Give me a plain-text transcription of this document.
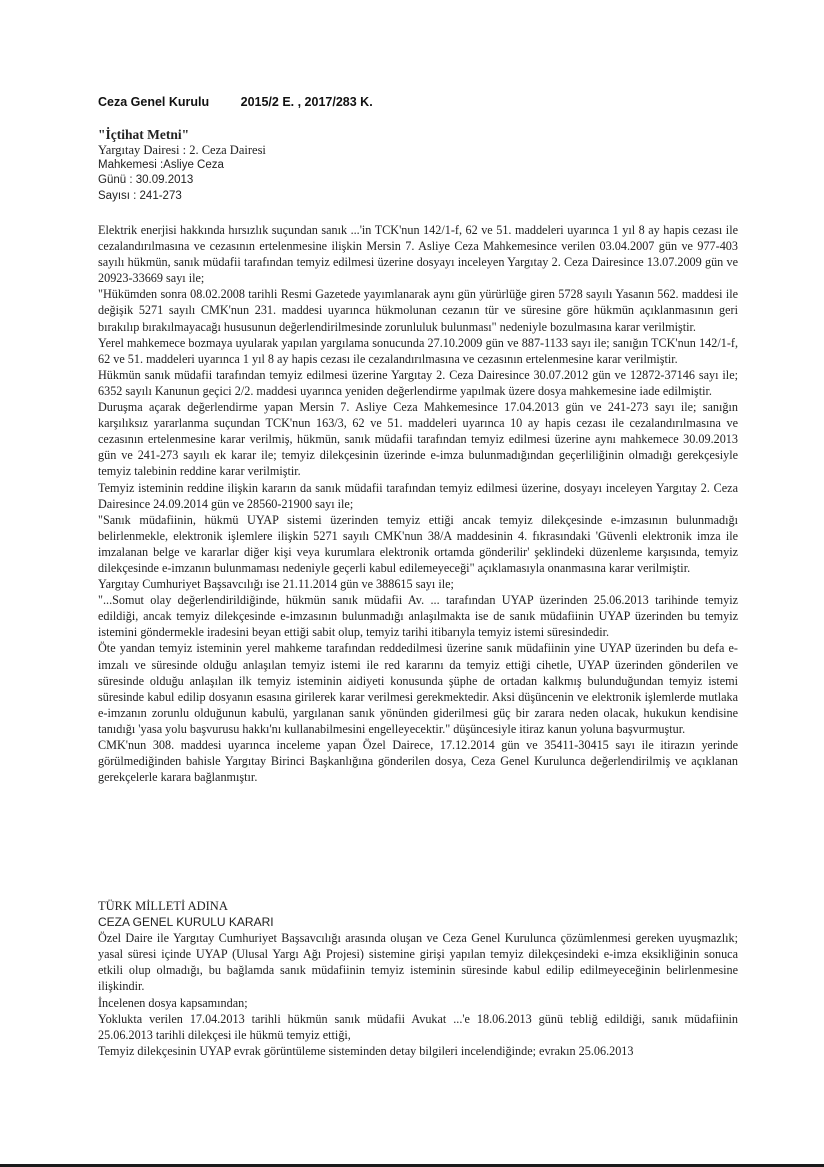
Ceza Genel Kurulu	2015/2 E. , 2017/283 K.
"İçtihat Metni"
Yargıtay Dairesi : 2. Ceza Dairesi
Mahkemesi :Asliye Ceza
Günü : 30.09.2013
Sayısı : 241-273

Elektrik enerjisi hakkında hırsızlık suçundan sanık ...'in TCK'nun 142/1-f, 62 ve 51. maddeleri uyarınca 1 yıl 8 ay hapis cezası ile cezalandırılmasına ve cezasının ertelenmesine ilişkin Mersin 7. Asliye Ceza Mahkemesince verilen 03.04.2007 gün ve 977-403 sayılı hükmün, sanık müdafii tarafından temyiz edilmesi üzerine dosyayı inceleyen Yargıtay 2. Ceza Dairesince 13.07.2009 gün ve 20923-33669 sayı ile;

"Hükümden sonra 08.02.2008 tarihli Resmi Gazetede yayımlanarak aynı gün yürürlüğe giren 5728 sayılı Yasanın 562. maddesi ile değişik 5271 sayılı CMK'nun 231. maddesi uyarınca hükmolunan cezanın tür ve süresine göre hükmün açıklanmasının geri bırakılıp bırakılmayacağı hususunun değerlendirilmesinde zorunluluk bulunması" nedeniyle bozulmasına karar verilmiştir.

Yerel mahkemece bozmaya uyularak yapılan yargılama sonucunda 27.10.2009 gün ve 887-1133 sayı ile; sanığın TCK'nun 142/1-f, 62 ve 51. maddeleri uyarınca 1 yıl 8 ay hapis cezası ile cezalandırılmasına ve cezasının ertelenmesine karar verilmiştir.

Hükmün sanık müdafii tarafından temyiz edilmesi üzerine Yargıtay 2. Ceza Dairesince 30.07.2012 gün ve 12872-37146 sayı ile; 6352 sayılı Kanunun geçici 2/2. maddesi uyarınca yeniden değerlendirme yapılmak üzere dosya mahkemesine iade edilmiştir.

Duruşma açarak değerlendirme yapan Mersin 7. Asliye Ceza Mahkemesince 17.04.2013 gün ve 241-273 sayı ile; sanığın karşılıksız yararlanma suçundan TCK'nun 163/3, 62 ve 51. maddeleri uyarınca 10 ay hapis cezası ile cezalandırılmasına ve cezasının ertelenmesine karar verilmiş, hükmün, sanık müdafii tarafından temyiz edilmesi üzerine aynı mahkemece 30.09.2013 gün ve 241-273 sayılı ek karar ile; temyiz dilekçesinin üzerinde e-imza bulunmadığından geçerliliğinin olmadığı gerekçesiyle temyiz talebinin reddine karar verilmiştir.

Temyiz isteminin reddine ilişkin kararın da sanık müdafii tarafından temyiz edilmesi üzerine, dosyayı inceleyen Yargıtay 2. Ceza Dairesince 24.09.2014 gün ve 28560-21900 sayı ile;

"Sanık müdafiinin, hükmü UYAP sistemi üzerinden temyiz ettiği ancak temyiz dilekçesinde e-imzasının bulunmadığı belirlenmekle, elektronik işlemlere ilişkin 5271 sayılı CMK'nun 38/A maddesinin 4. fıkrasındaki 'Güvenli elektronik imza ile imzalanan belge ve kararlar diğer kişi veya kurumlara elektronik ortamda gönderilir' şeklindeki düzenleme karşısında, temyiz dilekçesinde e-imzanın bulunmaması nedeniyle geçerli kabul edilemeyeceği" açıklamasıyla onanmasına karar verilmiştir.

Yargıtay Cumhuriyet Başsavcılığı ise 21.11.2014 gün ve 388615 sayı ile;

"...Somut olay değerlendirildiğinde, hükmün sanık müdafii Av. ... tarafından UYAP üzerinden 25.06.2013 tarihinde temyiz edildiği, ancak temyiz dilekçesinde e-imzasının bulunmadığı anlaşılmakta ise de sanık müdafiinin UYAP üzerinden bu temyiz istemini göndermekle iradesini beyan ettiği sabit olup, temyiz tarihi itibarıyla temyiz istemi süresindedir.

Öte yandan temyiz isteminin yerel mahkeme tarafından reddedilmesi üzerine sanık müdafiinin yine UYAP üzerinden bu defa e-imzalı ve süresinde olduğu anlaşılan temyiz istemi ile red kararını da temyiz ettiği cihetle, UYAP üzerinden gönderilen ve süresinde olduğu anlaşılan ilk temyiz isteminin aidiyeti konusunda şüphe de ortadan kalkmış bulunduğundan temyiz istemi süresinde kabul edilip dosyanın esasına girilerek karar verilmesi gerekmektedir. Aksi düşüncenin ve elektronik işlemlerde mutlaka e-imzanın zorunlu olduğunun kabulü, yargılanan sanık yönünden giderilmesi güç bir zarara neden olacak, hukukun kendisine tanıdığı 'yasa yolu başvurusu hakkı'nı kullanabilmesini engelleyecektir." düşüncesiyle itiraz kanun yoluna başvurmuştur.

CMK'nun 308. maddesi uyarınca inceleme yapan Özel Dairece, 17.12.2014 gün ve 35411-30415 sayı ile itirazın yerinde görülmediğinden bahisle Yargıtay Birinci Başkanlığına gönderilen dosya, Ceza Genel Kurulunca değerlendirilmiş ve açıklanan gerekçelerle karara bağlanmıştır.

TÜRK MİLLETİ ADINA
CEZA GENEL KURULU KARARI

Özel Daire ile Yargıtay Cumhuriyet Başsavcılığı arasında oluşan ve Ceza Genel Kurulunca çözümlenmesi gereken uyuşmazlık; yasal süresi içinde UYAP (Ulusal Yargı Ağı Projesi) sistemine girişi yapılan temyiz dilekçesindeki e-imza eksikliğinin sonuca etkili olup olmadığı, bu bağlamda sanık müdafiinin temyiz isteminin süresinde kabul edilip edilmeyeceğinin belirlenmesine ilişkindir.

İncelenen dosya kapsamından;

Yoklukta verilen 17.04.2013 tarihli hükmün sanık müdafii Avukat ...'e 18.06.2013 günü tebliğ edildiği, sanık müdafiinin 25.06.2013 tarihli dilekçesi ile hükmü temyiz ettiği,

Temyiz dilekçesinin UYAP evrak görüntüleme sisteminden detay bilgileri incelendiğinde; evrakın 25.06.2013
